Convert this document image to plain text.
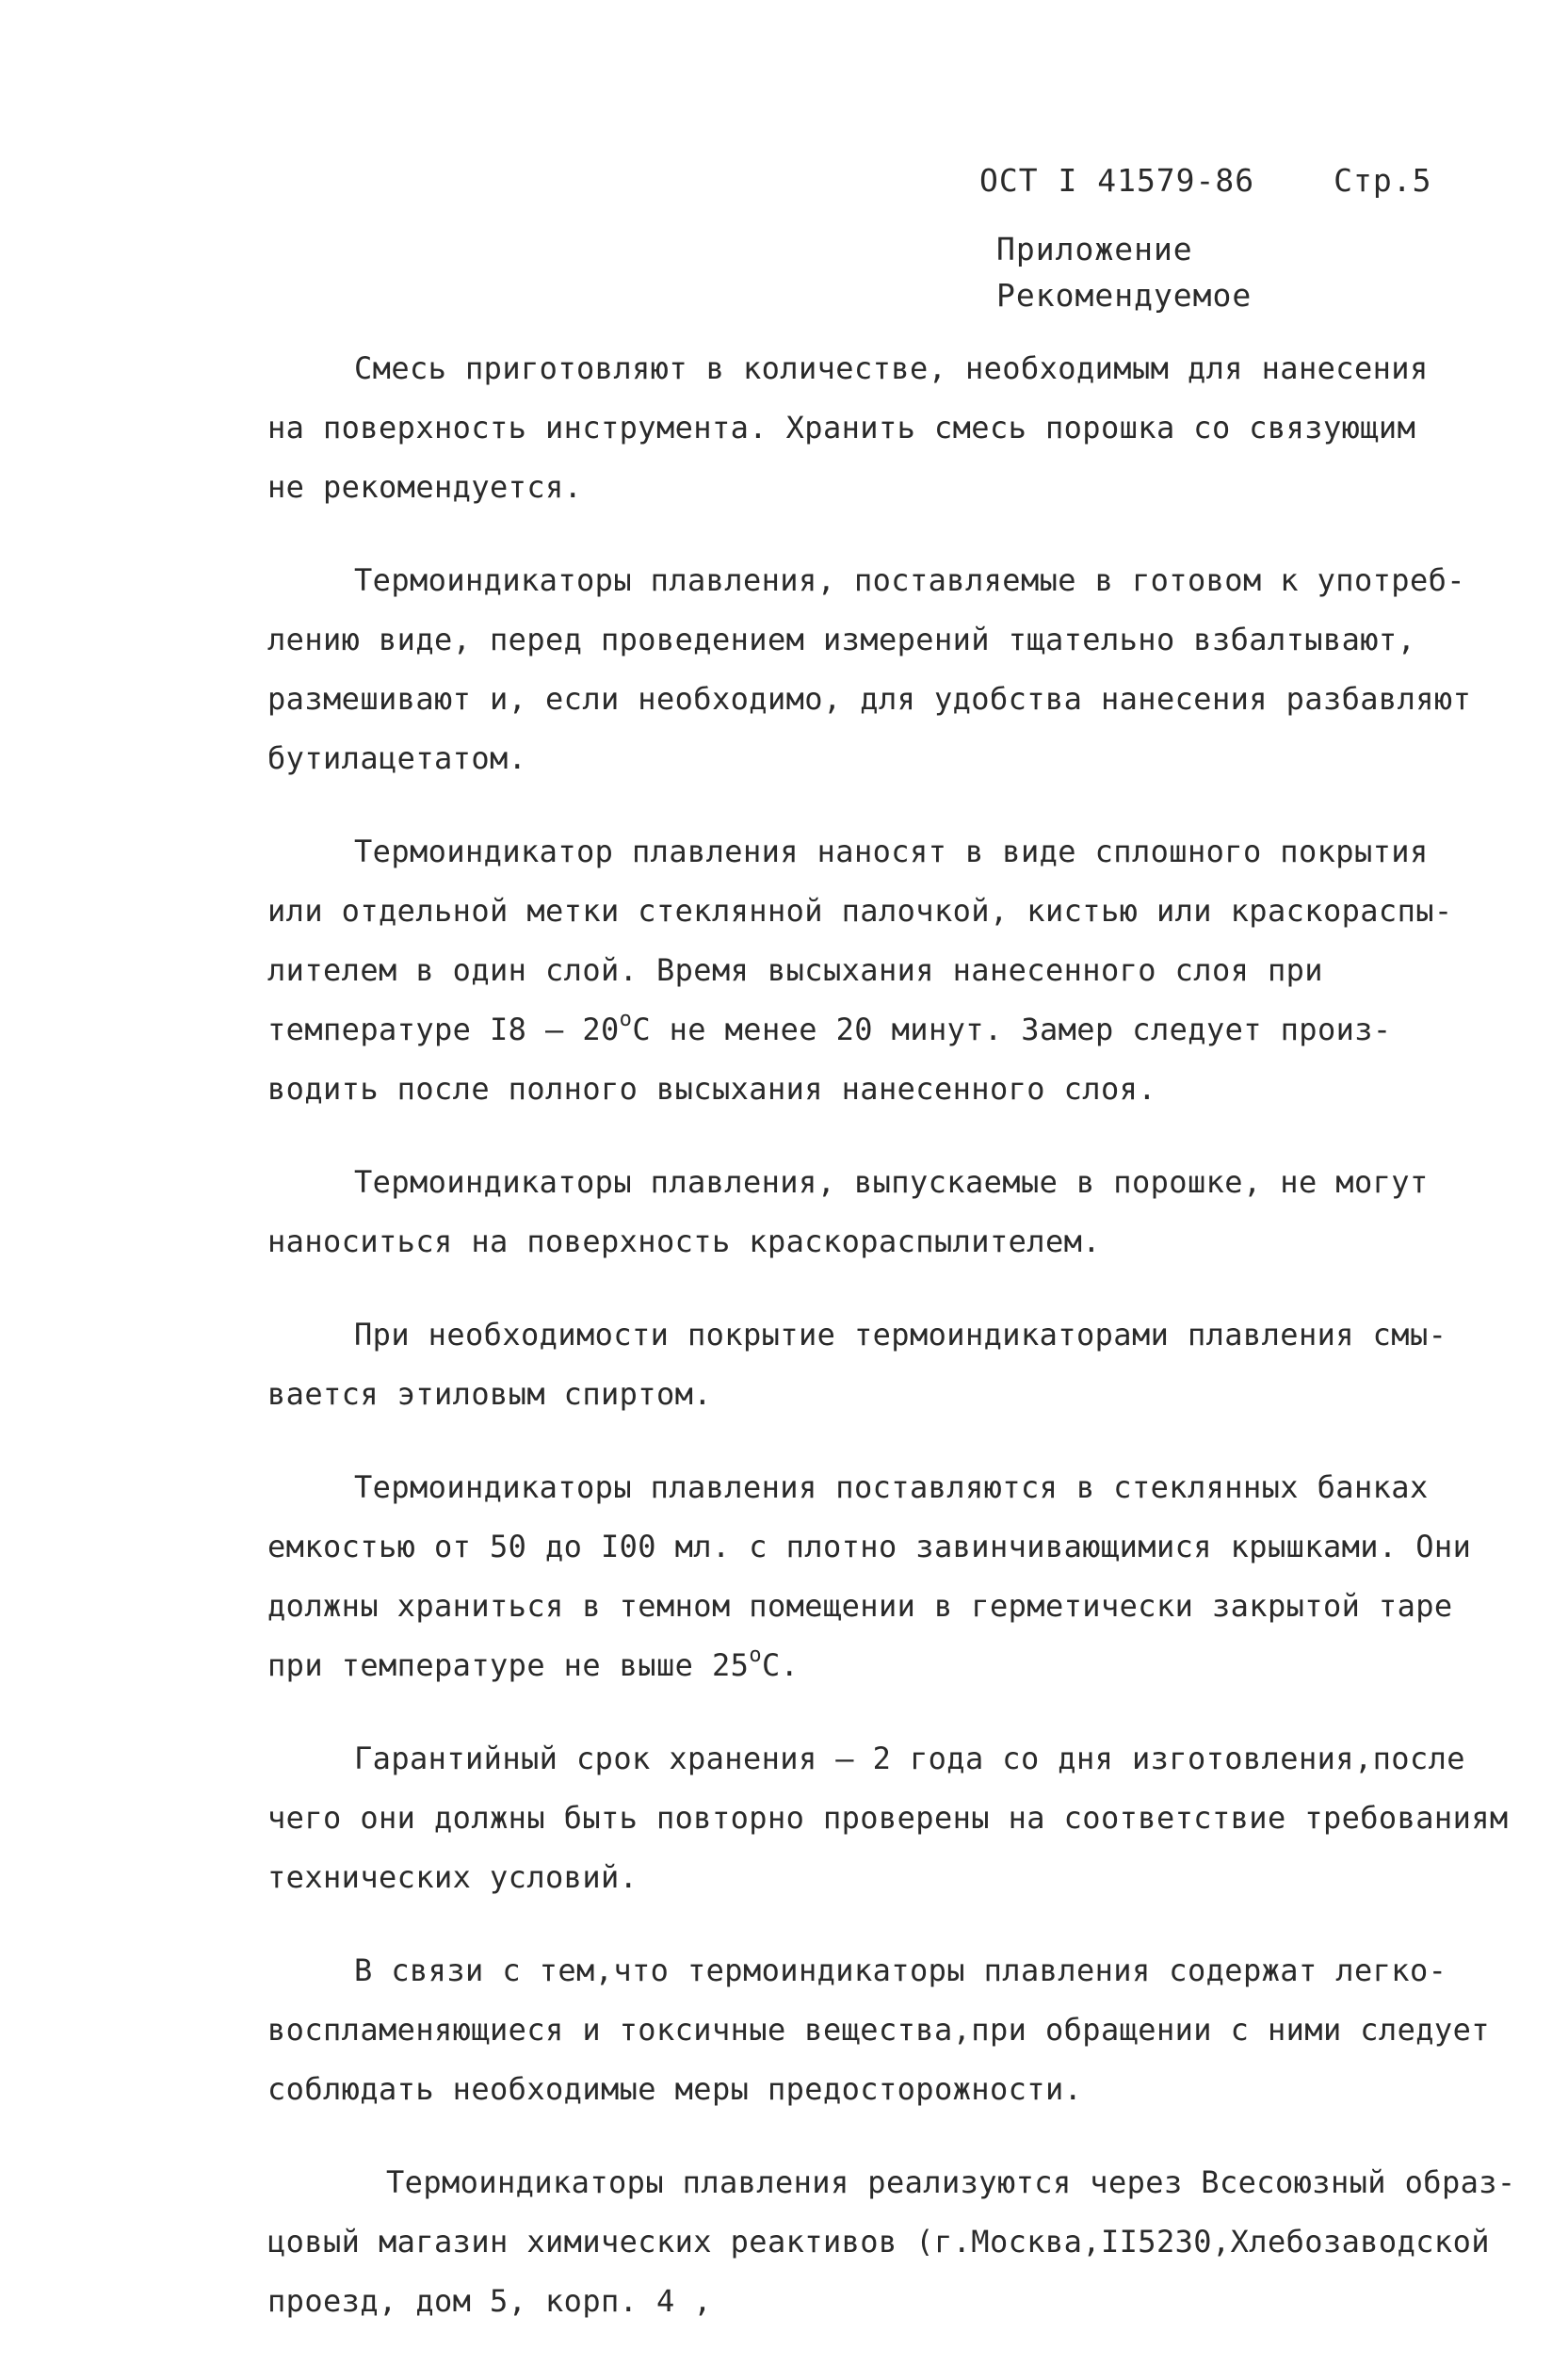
ОСТ I 41579-86	Стр.5
Приложение
Рекомендуемое
Смесь приготовляют в количестве, необходимым для нанесения
на поверхность инструмента. Хранить смесь порошка со связующим
не рекомендуется.
Термоиндикаторы плавления, поставляемые в готовом к употреб-
лению виде, перед проведением измерений тщательно взбалтывают,
размешивают и, если необходимо, для удобства нанесения разбавляют
бутилацетатом.
Термоиндикатор плавления наносят в виде сплошного покрытия
или отдельной метки стеклянной палочкой, кистью или краскораспы-
лителем в один слой. Время высыхания нанесенного слоя при
температуре I8 – 20$^o$C не менее 20 минут. Замер следует произ-
водить после полного высыхания нанесенного слоя.
Термоиндикаторы плавления, выпускаемые в порошке, не могут
наноситься на поверхность краскораспылителем.
При необходимости покрытие термоиндикаторами плавления смы-
вается этиловым спиртом.
Термоиндикаторы плавления поставляются в стеклянных банках
емкостью от 50 до I00 мл. с плотно завинчивающимися крышками. Они
должны храниться в темном помещении в герметически закрытой таре
при температуре не выше 25$^o$C.
Гарантийный срок хранения – 2 года со дня изготовления,после
чего они должны быть повторно проверены на соответствие требованиям
технических условий.
В связи с тем,что термоиндикаторы плавления содержат легко-
воспламеняющиеся и токсичные вещества,при обращении с ними следует
соблюдать необходимые меры предосторожности.
Термоиндикаторы плавления реализуются через Всесоюзный образ-
цовый магазин химических реактивов (г.Москва,II5230,Хлебозаводской
проезд, дом 5, корп. 4 ,
